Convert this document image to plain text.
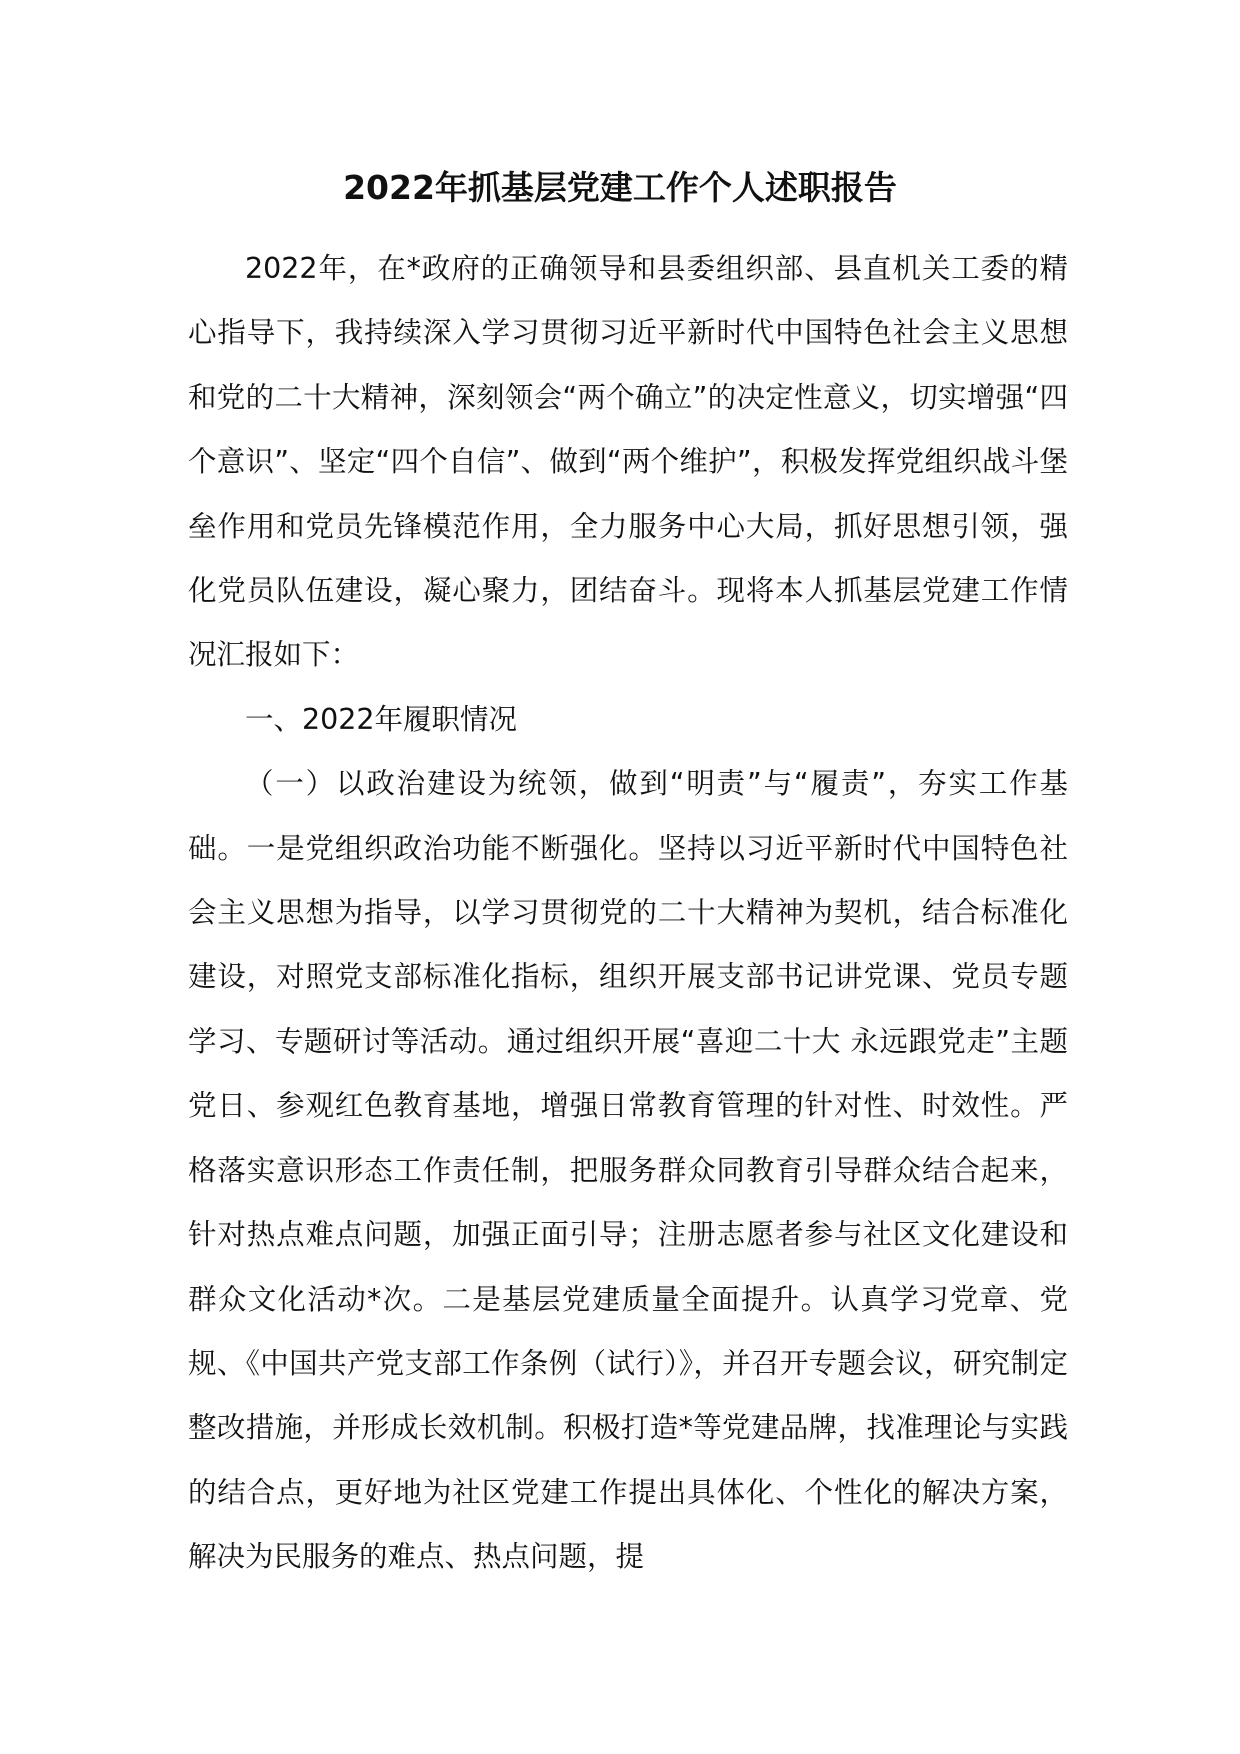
2022年抓基层党建工作个人述职报告

2022年，在*政府的正确领导和县委组织部、县直机关工委的精心指导下，我持续深入学习贯彻习近平新时代中国特色社会主义思想和党的二十大精神，深刻领会“两个确立”的决定性意义，切实增强“四个意识”、坚定“四个自信”、做到“两个维护”，积极发挥党组织战斗堡垒作用和党员先锋模范作用，全力服务中心大局，抓好思想引领，强化党员队伍建设，凝心聚力，团结奋斗。现将本人抓基层党建工作情况汇报如下：

一、2022年履职情况

（一）以政治建设为统领，做到“明责”与“履责”，夯实工作基础。一是党组织政治功能不断强化。坚持以习近平新时代中国特色社会主义思想为指导，以学习贯彻党的二十大精神为契机，结合标准化建设，对照党支部标准化指标，组织开展支部书记讲党课、党员专题学习、专题研讨等活动。通过组织开展“喜迎二十大 永远跟党走”主题党日、参观红色教育基地，增强日常教育管理的针对性、时效性。严格落实意识形态工作责任制，把服务群众同教育引导群众结合起来，针对热点难点问题，加强正面引导；注册志愿者参与社区文化建设和群众文化活动*次。二是基层党建质量全面提升。认真学习党章、党规、《中国共产党支部工作条例（试行）》，并召开专题会议，研究制定整改措施，并形成长效机制。积极打造*等党建品牌，找准理论与实践的结合点，更好地为社区党建工作提出具体化、个性化的解决方案，解决为民服务的难点、热点问题，提
